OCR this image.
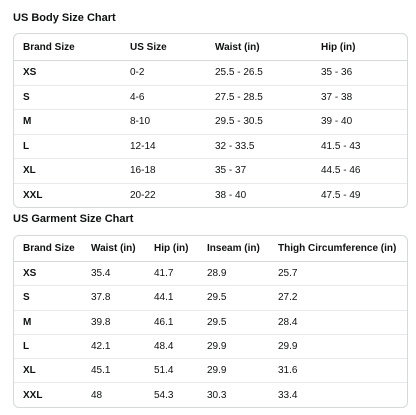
US Body Size Chart
Brand Size	US Size	Waist (in)	Hip (in)
XS	0-2	25.5 - 26.5	35 - 36
S	4-6	27.5 - 28.5	37 - 38
M	8-10	29.5 - 30.5	39 - 40
L	12-14	32 - 33.5	41.5 - 43
XL	16-18	35 - 37	44.5 - 46
XXL	20-22	38 - 40	47.5 - 49
US Garment Size Chart
Brand Size	Waist (in)	Hip (in)	Inseam (in)	Thigh Circumference (in)
XS	35.4	41.7	28.9	25.7
S	37.8	44.1	29.5	27.2
M	39.8	46.1	29.5	28.4
L	42.1	48.4	29.9	29.9
XL	45.1	51.4	29.9	31.6
XXL	48	54.3	30.3	33.4
